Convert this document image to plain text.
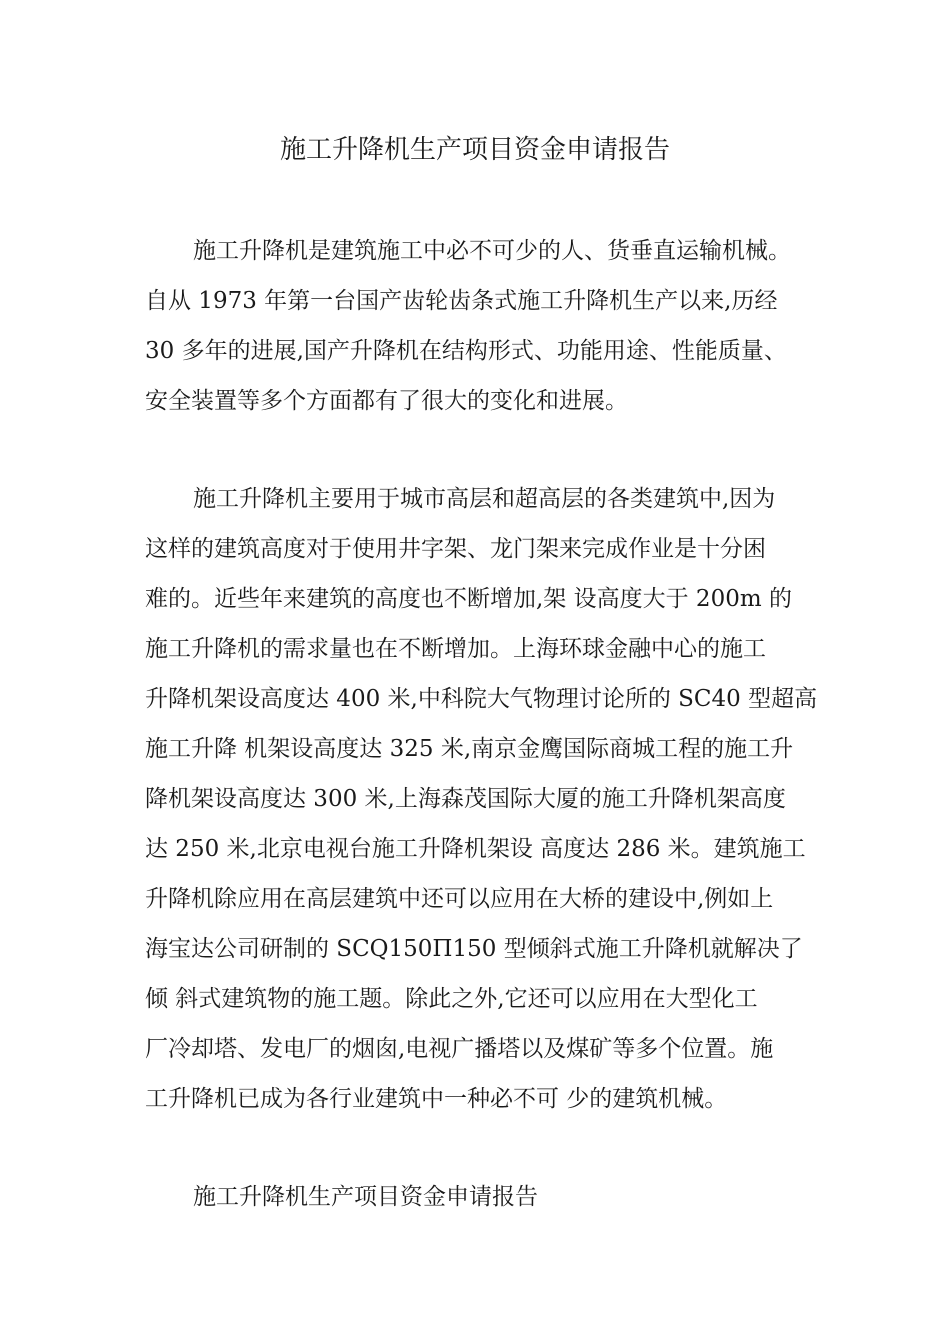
施工升降机生产项目资金申请报告
施工升降机是建筑施工中必不可少的人、货垂直运输机械。
自从 1973 年第一台国产齿轮齿条式施工升降机生产以来,历经
30 多年的进展,国产升降机在结构形式、功能用途、性能质量、
安全装置等多个方面都有了很大的变化和进展。
施工升降机主要用于城市高层和超高层的各类建筑中,因为
这样的建筑高度对于使用井字架、龙门架来完成作业是十分困
难的。近些年来建筑的高度也不断增加,架 设高度大于 200m 的
施工升降机的需求量也在不断增加。上海环球金融中心的施工
升降机架设高度达 400 米,中科院大气物理讨论所的 SC40 型超高
施工升降 机架设高度达 325 米,南京金鹰国际商城工程的施工升
降机架设高度达 300 米,上海森茂国际大厦的施工升降机架高度
达 250 米,北京电视台施工升降机架设 高度达 286 米。建筑施工
升降机除应用在高层建筑中还可以应用在大桥的建设中,例如上
海宝达公司研制的 SCQ150Π150 型倾斜式施工升降机就解决了
倾 斜式建筑物的施工题。除此之外,它还可以应用在大型化工
厂冷却塔、发电厂的烟囱,电视广播塔以及煤矿等多个位置。施
工升降机已成为各行业建筑中一种必不可 少的建筑机械。
施工升降机生产项目资金申请报告
